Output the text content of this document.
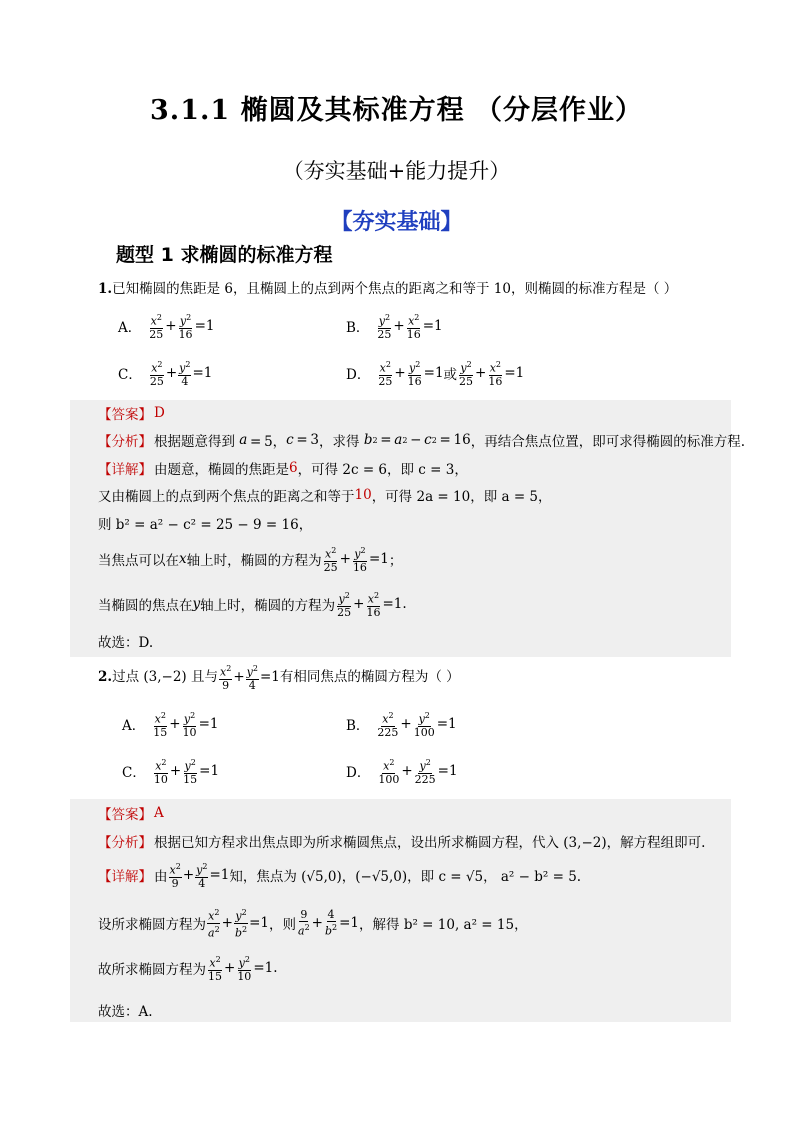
3.1.1 椭圆及其标准方程 （分层作业）
（夯实基础+能力提升）
【夯实基础】
题型 1 求椭圆的标准方程
1.已知椭圆的焦距是 6，且椭圆上的点到两个焦点的距离之和等于 10，则椭圆的标准方程是（ ）
A． $\frac{x^2}{25} + \frac{y^2}{16} =1$	B． $\frac{y^2}{25} + \frac{x^2}{16} =1$
C． $\frac{x^2}{25} + \frac{y^2}{4} =1$	D． $\frac{x^2}{25} + \frac{y^2}{16} =1$ 或 $\frac{y^2}{25} + \frac{x^2}{16} =1$
【答案】 D
【分析】 根据题意得到
a  = 5， c  = 3 ，求得
b 2  =  a 2  −  c 2  = 16 ，再结合焦点位置，即可求得椭圆的标准方程.
【详解】 由题意，椭圆的焦距是 6 ，可得 2c = 6，即 c = 3，
又由椭圆上的点到两个焦点的距离之和等于 10 ，可得 2a = 10，即 a = 5，
则 b² = a² − c² = 25 − 9 = 16，
当焦点可以在 x 轴上时，椭圆的方程为 $\frac{x^2}{25} + \frac{y^2}{16} =1$ ；
当椭圆的焦点在 y 轴上时，椭圆的方程为 $\frac{y^2}{25} + \frac{x^2}{16} =1$ .
故选：D.
2. 过点 (3,−2) 且与 $\frac{x^2}{9} + \frac{y^2}{4} =1$ 有相同焦点的椭圆方程为（ ）
A． $\frac{x^2}{15} + \frac{y^2}{10} =1$	B． $\frac{x^2}{225} + \frac{y^2}{100} =1$
C． $\frac{x^2}{10} + \frac{y^2}{15} =1$	D． $\frac{x^2}{100} + \frac{y^2}{225} =1$
【答案】 A
【分析】 根据已知方程求出焦点即为所求椭圆焦点，设出所求椭圆方程，代入 (3,−2)，解方程组即可.
【详解】 由 $\frac{x^2}{9} + \frac{y^2}{4} =1$ 知，焦点为 (√5,0)，(−√5,0)，即 c = √5， a² − b² = 5.
设所求椭圆方程为 $\frac{x^2}{a^2} + \frac{y^2}{b^2} =1$ ，则 $\frac{9}{a^2} + \frac{4}{b^2} =1$ ，解得 b² = 10, a² = 15，
故所求椭圆方程为 $\frac{x^2}{15} + \frac{y^2}{10} =1$ .
故选：A.
